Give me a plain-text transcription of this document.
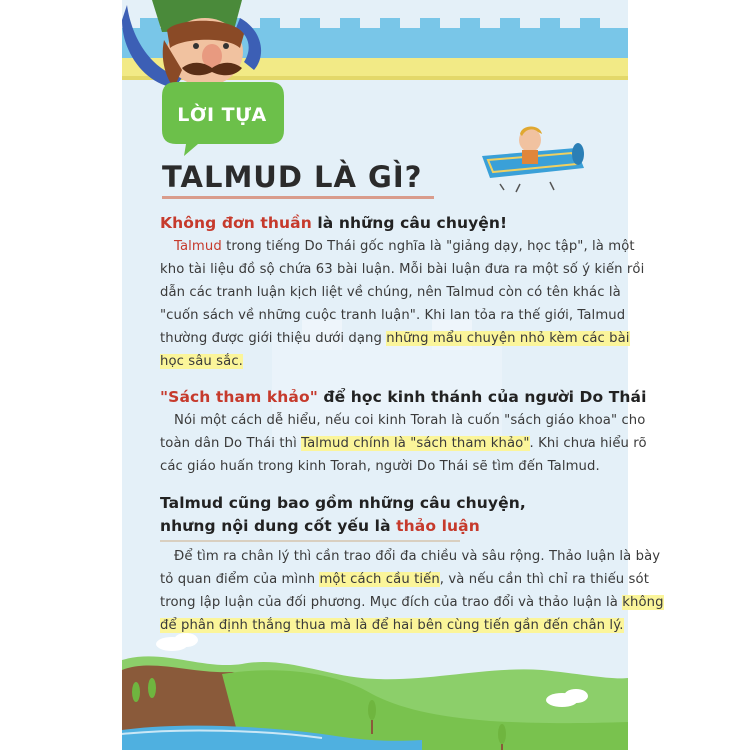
LỜI TỰA
TALMUD LÀ GÌ?
Không đơn thuần là những câu chuyện!
Talmud trong tiếng Do Thái gốc nghĩa là "giảng dạy, học tập", là một
kho tài liệu đồ sộ chứa 63 bài luận. Mỗi bài luận đưa ra một số ý kiến rồi
dẫn các tranh luận kịch liệt về chúng, nên Talmud còn có tên khác là
"cuốn sách về những cuộc tranh luận". Khi lan tỏa ra thế giới, Talmud
thường được giới thiệu dưới dạng những mẩu chuyện nhỏ kèm các bài
học sâu sắc.
"Sách tham khảo" để học kinh thánh của người Do Thái
Nói một cách dễ hiểu, nếu coi kinh Torah là cuốn "sách giáo khoa" cho
toàn dân Do Thái thì Talmud chính là "sách tham khảo". Khi chưa hiểu rõ
các giáo huấn trong kinh Torah, người Do Thái sẽ tìm đến Talmud.
Talmud cũng bao gồm những câu chuyện,
nhưng nội dung cốt yếu là thảo luận
Để tìm ra chân lý thì cần trao đổi đa chiều và sâu rộng. Thảo luận là bày
tỏ quan điểm của mình một cách cầu tiến, và nếu cần thì chỉ ra thiếu sót
trong lập luận của đối phương. Mục đích của trao đổi và thảo luận là không
để phân định thắng thua mà là để hai bên cùng tiến gần đến chân lý.
